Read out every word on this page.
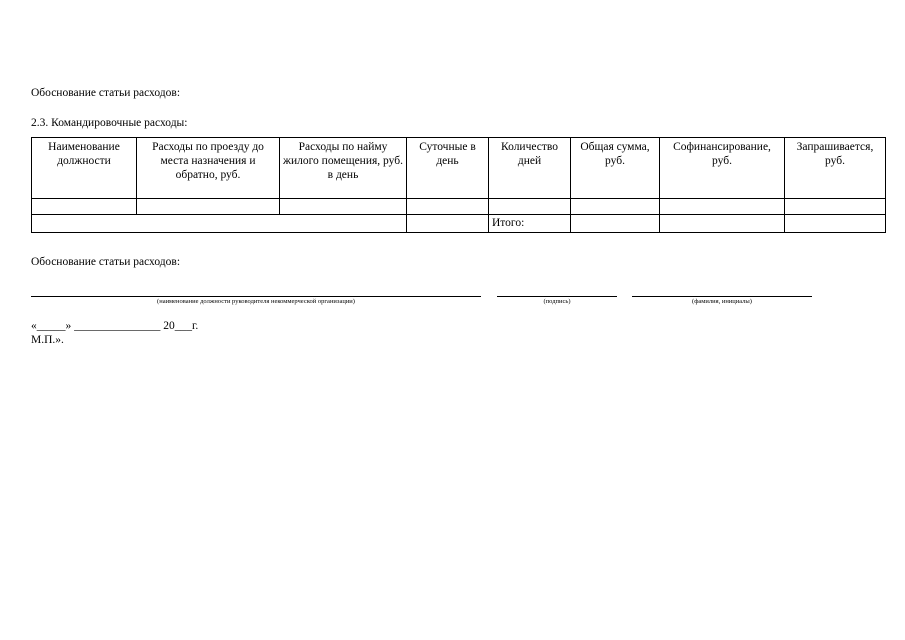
Обоснование статьи расходов:
2.3. Командировочные расходы:
Наименование должности	Расходы по проезду до места назначения и обратно, руб.	Расходы по найму жилого помещения, руб. в день	Суточные в день	Количество дней	Общая сумма, руб.	Софинансирование, руб.	Запрашивается, руб.

				Итого:			
Обоснование статьи расходов:
(наименование должности руководителя некоммерческой организации)	(подпись)	(фамилия, инициалы)
«_____» _______________ 20___г.
М.П.».
